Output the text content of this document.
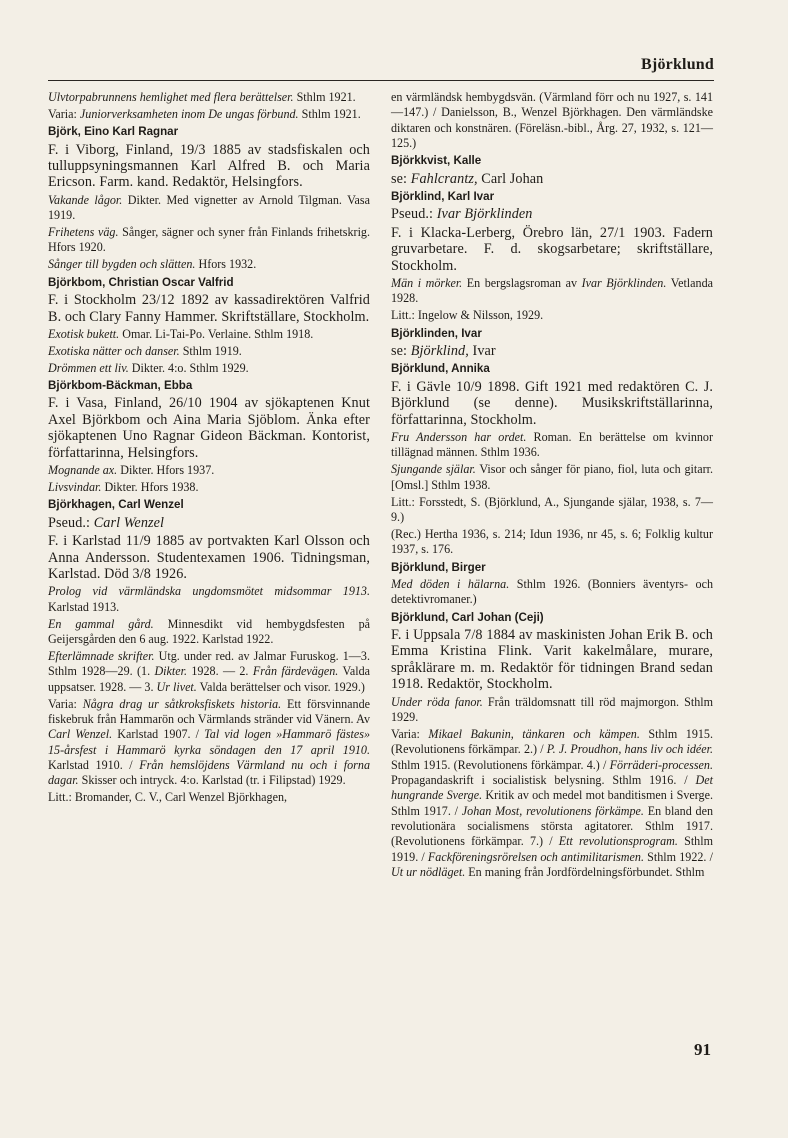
Björklund
Ulvtorpabrunnens hemlighet med flera berättelser. Sthlm 1921.
Varia: Juniorverksamheten inom De ungas förbund. Sthlm 1921.
Björk, Eino Karl Ragnar
F. i Viborg, Finland, 19/3 1885 av stadsfiskalen och tulluppsyningsmannen Karl Alfred B. och Maria Ericson. Farm. kand. Redaktör, Helsingfors.
Vakande lågor. Dikter. Med vignetter av Arnold Tilgman. Vasa 1919.
Frihetens väg. Sånger, sägner och syner från Finlands frihetskrig. Hfors 1920.
Sånger till bygden och slätten. Hfors 1932.
Björkbom, Christian Oscar Valfrid
F. i Stockholm 23/12 1892 av kassadirektören Valfrid B. och Clary Fanny Hammer. Skriftställare, Stockholm.
Exotisk bukett. Omar. Li-Tai-Po. Verlaine. Sthlm 1918.
Exotiska nätter och danser. Sthlm 1919.
Drömmen ett liv. Dikter. 4:o. Sthlm 1929.
Björkbom-Bäckman, Ebba
F. i Vasa, Finland, 26/10 1904 av sjökaptenen Knut Axel Björkbom och Aina Maria Sjöblom. Änka efter sjökaptenen Uno Ragnar Gideon Bäckman. Kontorist, författarinna, Helsingfors.
Mognande ax. Dikter. Hfors 1937.
Livsvindar. Dikter. Hfors 1938.
Björkhagen, Carl Wenzel
Pseud.: Carl Wenzel
F. i Karlstad 11/9 1885 av portvakten Karl Olsson och Anna Andersson. Studentexamen 1906. Tidningsman, Karlstad. Död 3/8 1926.
Prolog vid värmländska ungdomsmötet midsommar 1913. Karlstad 1913.
En gammal gård. Minnesdikt vid hembygdsfesten på Geijersgården den 6 aug. 1922. Karlstad 1922.
Efterlämnade skrifter. Utg. under red. av Jalmar Furuskog. 1—3. Sthlm 1928—29. (1. Dikter. 1928. — 2. Från färdevägen. Valda uppsatser. 1928. — 3. Ur livet. Valda berättelser och visor. 1929.)
Varia: Några drag ur såtkroksfiskets historia. Ett försvinnande fiskebruk från Hammarön och Värmlands stränder vid Vänern. Av Carl Wenzel. Karlstad 1907. / Tal vid logen »Hammarö fästes» 15-årsfest i Hammarö kyrka söndagen den 17 april 1910. Karlstad 1910. / Från hemslöjdens Värmland nu och i forna dagar. Skisser och intryck. 4:o. Karlstad (tr. i Filipstad) 1929.
Litt.: Bromander, C. V., Carl Wenzel Björkhagen,
en värmländsk hembygdsvän. (Värmland förr och nu 1927, s. 141—147.) / Danielsson, B., Wenzel Björkhagen. Den värmländske diktaren och konstnären. (Föreläsn.-bibl., Årg. 27, 1932, s. 121—125.)
Björkkvist, Kalle
se: Fahlcrantz, Carl Johan
Björklind, Karl Ivar
Pseud.: Ivar Björklinden
F. i Klacka-Lerberg, Örebro län, 27/1 1903. Fadern gruvarbetare. F. d. skogsarbetare; skriftställare, Stockholm.
Män i mörker. En bergslagsroman av Ivar Björklinden. Vetlanda 1928.
Litt.: Ingelow & Nilsson, 1929.
Björklinden, Ivar
se: Björklind, Ivar
Björklund, Annika
F. i Gävle 10/9 1898. Gift 1921 med redaktören C. J. Björklund (se denne). Musikskriftställarinna, författarinna, Stockholm.
Fru Andersson har ordet. Roman. En berättelse om kvinnor tillägnad männen. Sthlm 1936.
Sjungande själar. Visor och sånger för piano, fiol, luta och gitarr. [Omsl.] Sthlm 1938.
Litt.: Forsstedt, S. (Björklund, A., Sjungande själar, 1938, s. 7—9.)
(Rec.) Hertha 1936, s. 214; Idun 1936, nr 45, s. 6; Folklig kultur 1937, s. 176.
Björklund, Birger
Med döden i hälarna. Sthlm 1926. (Bonniers äventyrs- och detektivromaner.)
Björklund, Carl Johan (Ceji)
F. i Uppsala 7/8 1884 av maskinisten Johan Erik B. och Emma Kristina Flink. Varit kakelmålare, murare, språklärare m. m. Redaktör för tidningen Brand sedan 1918. Redaktör, Stockholm.
Under röda fanor. Från träldomsnatt till röd majmorgon. Sthlm 1929.
Varia: Mikael Bakunin, tänkaren och kämpen. Sthlm 1915. (Revolutionens förkämpar. 2.) / P. J. Proudhon, hans liv och idéer. Sthlm 1915. (Revolutionens förkämpar. 4.) / Förräderi-processen. Propagandaskrift i socialistisk belysning. Sthlm 1916. / Det hungrande Sverge. Kritik av och medel mot banditismen i Sverge. Sthlm 1917. / Johan Most, revolutionens förkämpe. En bland den revolutionära socialismens största agitatorer. Sthlm 1917. (Revolutionens förkämpar. 7.) / Ett revolutionsprogram. Sthlm 1919. / Fackföreningsrörelsen och antimilitarismen. Sthlm 1922. / Ut ur nödläget. En maning från Jordfördelningsförbundet. Sthlm
91
